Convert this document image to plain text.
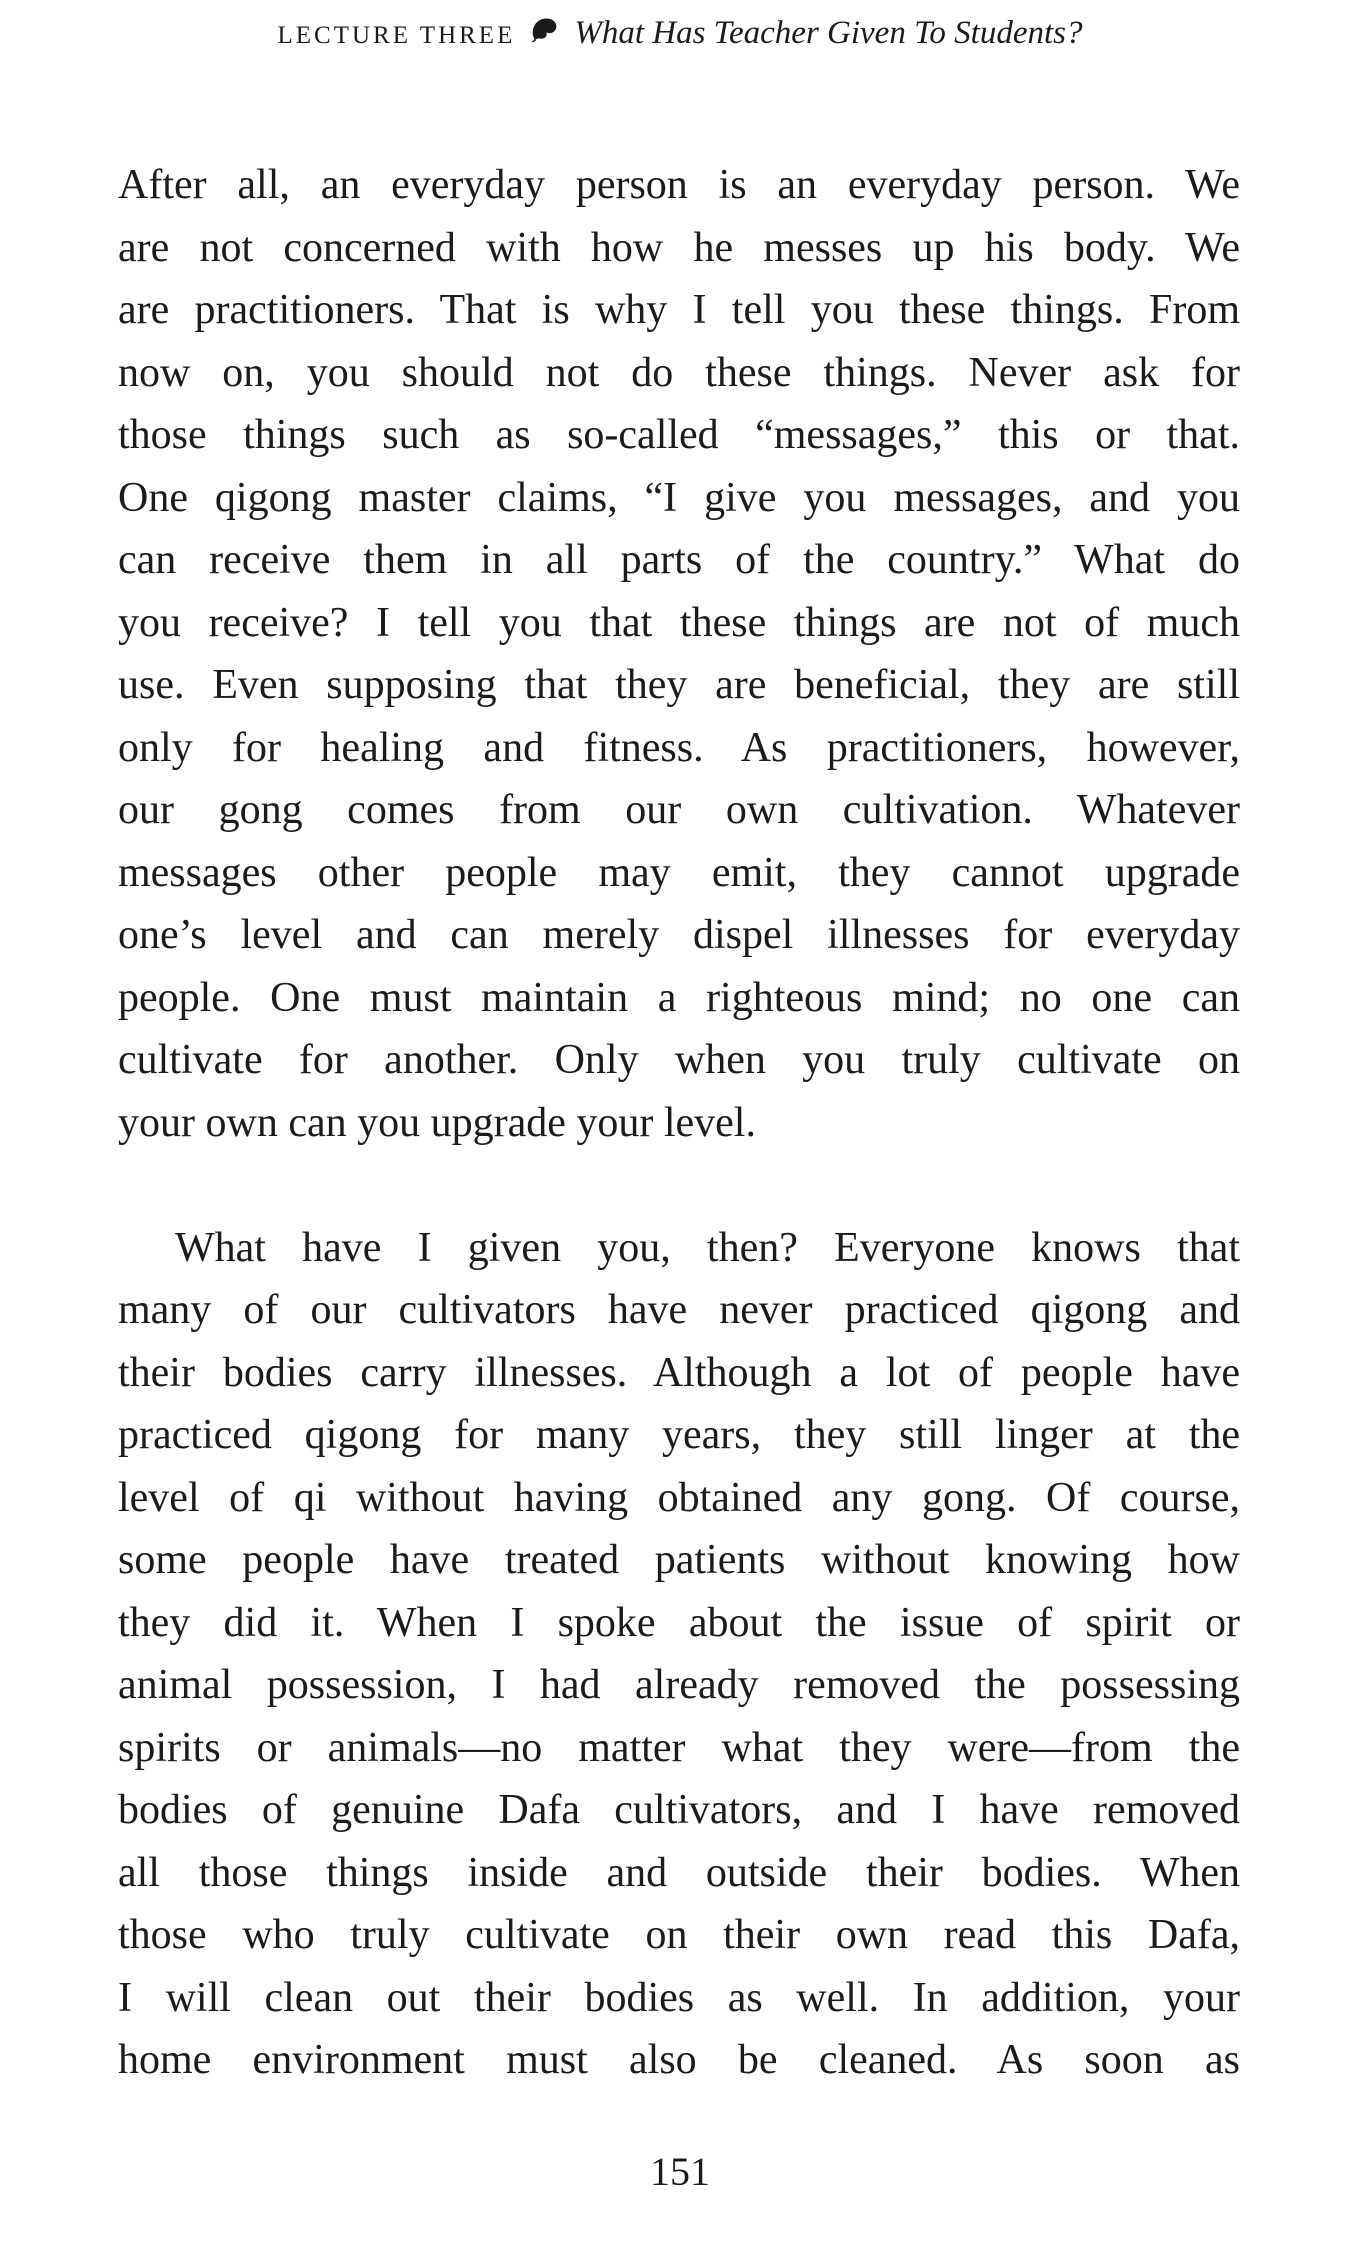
LECTURE THREE What Has Teacher Given To Students?

After all, an everyday person is an everyday person. We
are not concerned with how he messes up his body. We
are practitioners. That is why I tell you these things. From
now on, you should not do these things. Never ask for
those things such as so-called “messages,” this or that.
One qigong master claims, “I give you messages, and you
can receive them in all parts of the country.” What do
you receive? I tell you that these things are not of much
use. Even supposing that they are beneficial, they are still
only for healing and fitness. As practitioners, however,
our gong comes from our own cultivation. Whatever
messages other people may emit, they cannot upgrade
one’s level and can merely dispel illnesses for everyday
people. One must maintain a righteous mind; no one can
cultivate for another. Only when you truly cultivate on
your own can you upgrade your level.

What have I given you, then? Everyone knows that
many of our cultivators have never practiced qigong and
their bodies carry illnesses. Although a lot of people have
practiced qigong for many years, they still linger at the
level of qi without having obtained any gong. Of course,
some people have treated patients without knowing how
they did it. When I spoke about the issue of spirit or
animal possession, I had already removed the possessing
spirits or animals—no matter what they were—from the
bodies of genuine Dafa cultivators, and I have removed
all those things inside and outside their bodies. When
those who truly cultivate on their own read this Dafa,
I will clean out their bodies as well. In addition, your
home environment must also be cleaned. As soon as

151
